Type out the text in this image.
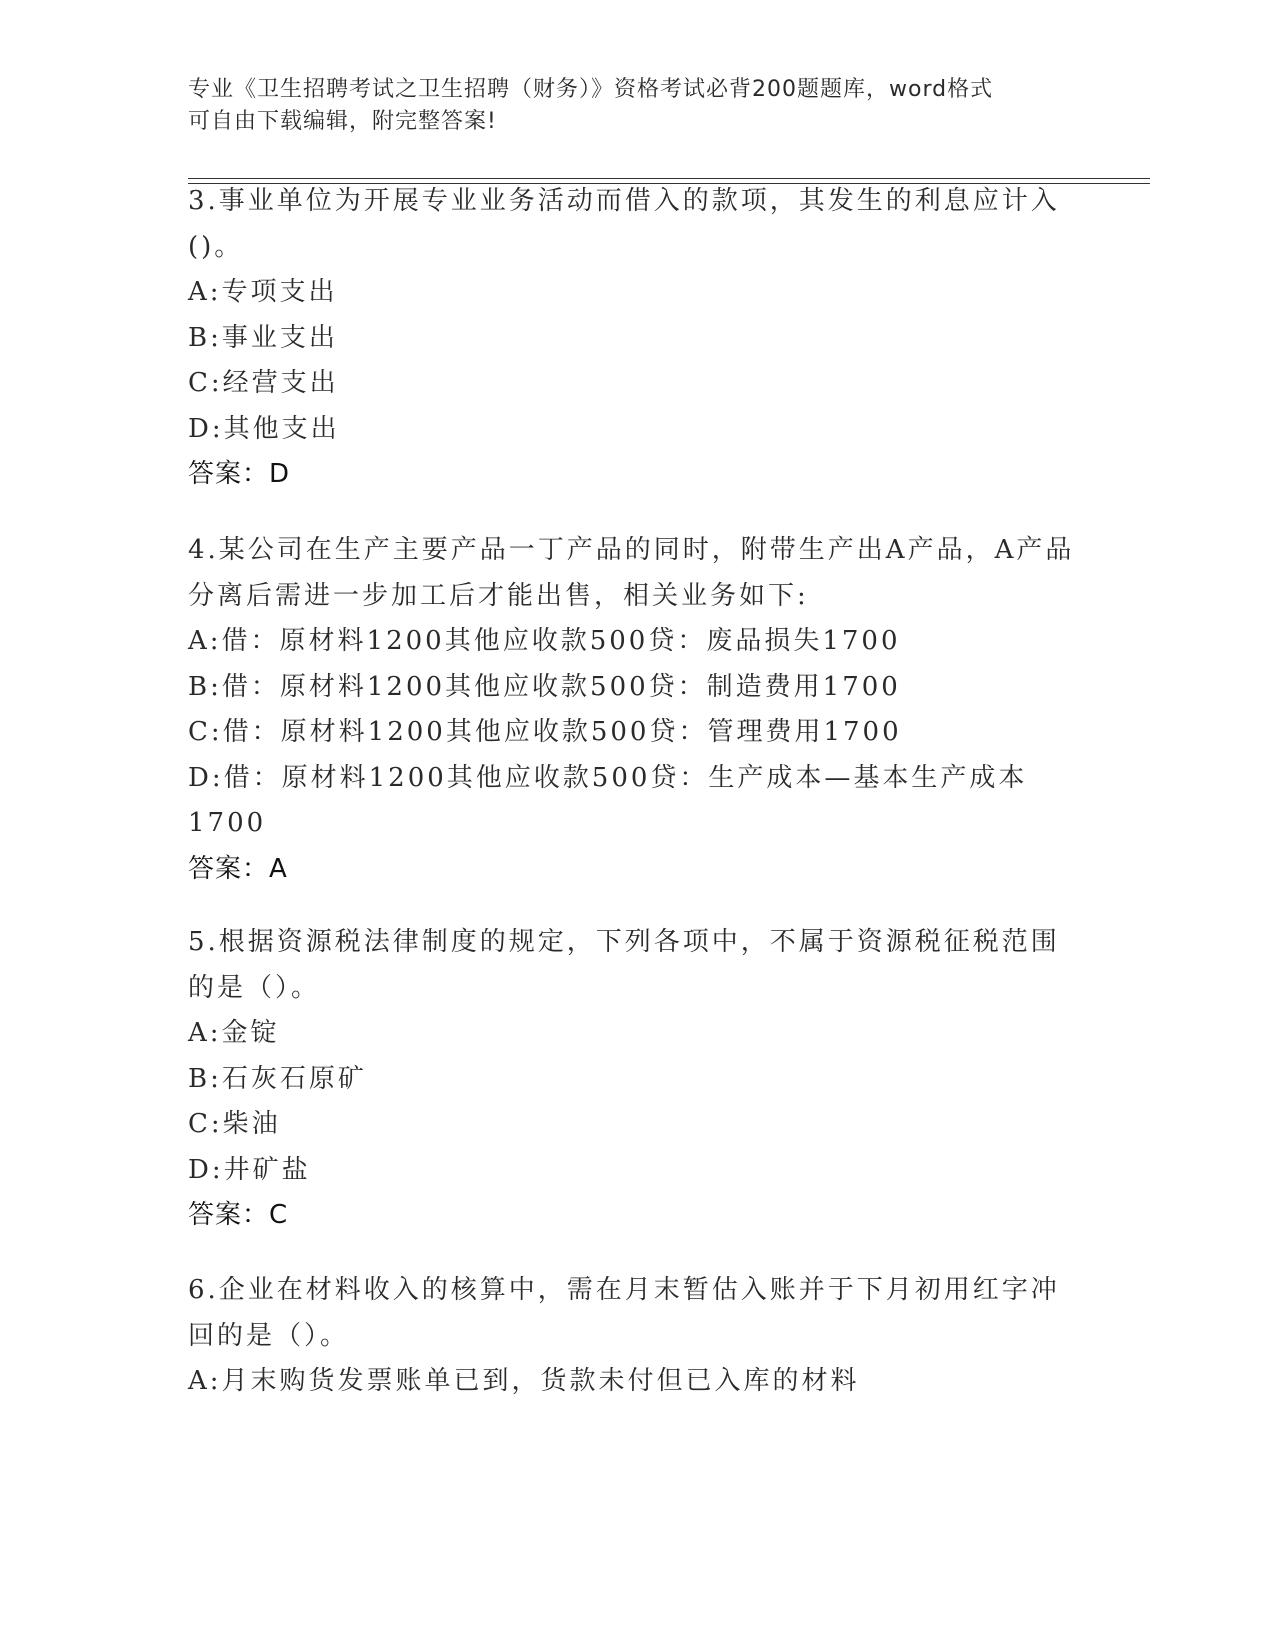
专业《卫生招聘考试之卫生招聘（财务）》资格考试必背200题题库，word格式
可自由下载编辑，附完整答案!
3.事业单位为开展专业业务活动而借入的款项，其发生的利息应计入
()。
A:专项支出
B:事业支出
C:经营支出
D:其他支出
答案：D
4.某公司在生产主要产品一丁产品的同时，附带生产出A产品，A产品
分离后需进一步加工后才能出售，相关业务如下:
A:借：原材料1200其他应收款500贷：废品损失1700
B:借：原材料1200其他应收款500贷：制造费用1700
C:借：原材料1200其他应收款500贷：管理费用1700
D:借：原材料1200其他应收款500贷：生产成本—基本生产成本
1700
答案：A
5.根据资源税法律制度的规定，下列各项中，不属于资源税征税范围
的是（）。
A:金锭
B:石灰石原矿
C:柴油
D:井矿盐
答案：C
6.企业在材料收入的核算中，需在月末暂估入账并于下月初用红字冲
回的是（）。
A:月末购货发票账单已到，货款未付但已入库的材料
